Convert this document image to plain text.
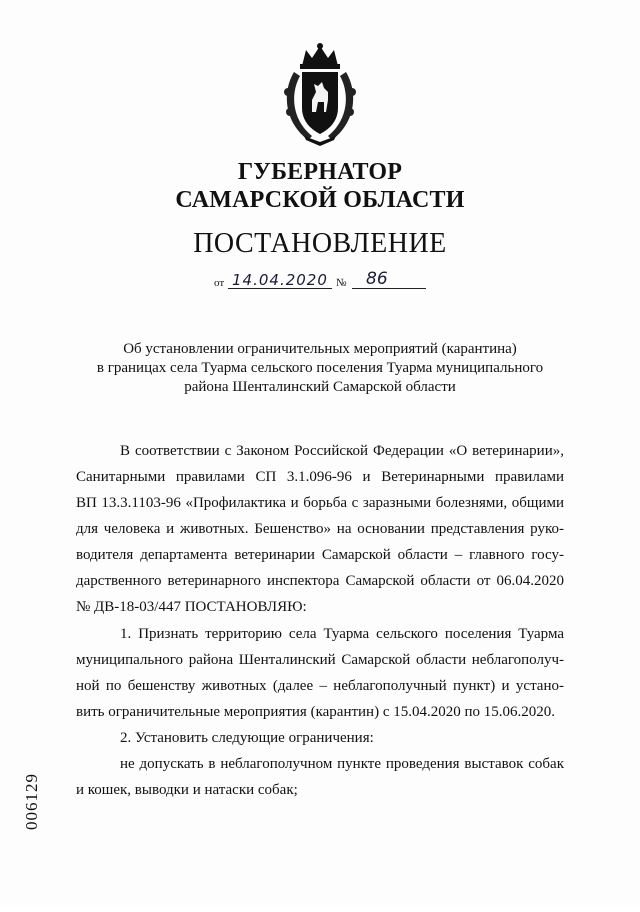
ГУБЕРНАТОР
САМАРСКОЙ ОБЛАСТИ
ПОСТАНОВЛЕНИЕ
от 14.04.2020 № 86
Об установлении ограничительных мероприятий (карантина)
в границах села Туарма сельского поселения Туарма муниципального
района Шенталинский Самарской области
В соответствии с Законом Российской Федерации «О ветеринарии»,
Санитарными правилами СП 3.1.096-96 и Ветеринарными правилами
ВП 13.3.1103-96 «Профилактика и борьба с заразными болезнями, общими
для человека и животных. Бешенство» на основании представления руко-
водителя департамента ветеринарии Самарской области – главного госу-
дарственного ветеринарного инспектора Самарской области от 06.04.2020
№ ДВ-18-03/447 ПОСТАНОВЛЯЮ:
1. Признать территорию села Туарма сельского поселения Туарма
муниципального района Шенталинский Самарской области неблагополуч-
ной по бешенству животных (далее – неблагополучный пункт) и устано-
вить ограничительные мероприятия (карантин) с 15.04.2020 по 15.06.2020.
2. Установить следующие ограничения:
не допускать в неблагополучном пункте проведения выставок собак
и кошек, выводки и натаски собак;
006129
